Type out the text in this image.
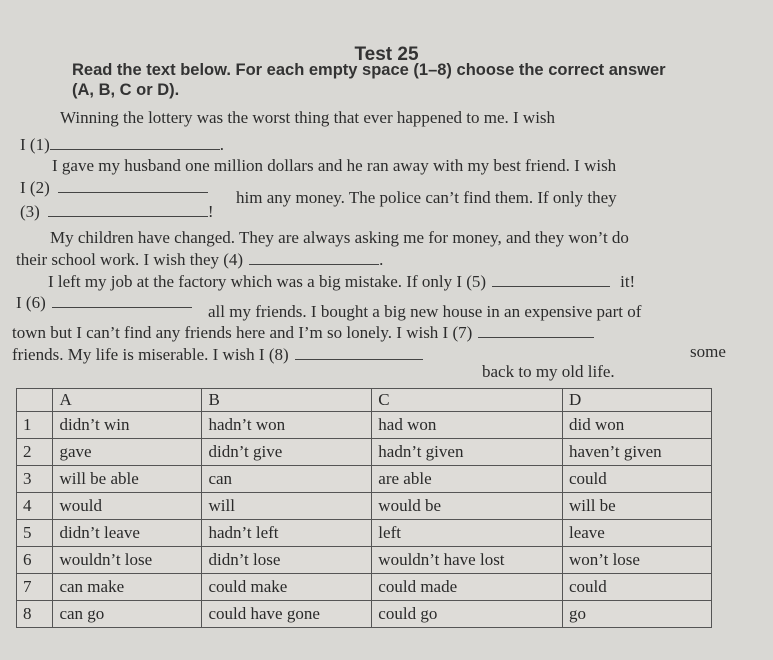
Test 25
Read the text below. For each empty space (1–8) choose the correct answer
(A, B, C or D).
Winning the lottery was the worst thing that ever happened to me. I wish
I (1)	.
I gave my husband one million dollars and he ran away with my best friend. I wish
I (2)
him any money. The police can’t find them. If only they
(3)	!
My children have changed. They are always asking me for money, and they won’t do
their school work. I wish they (4)	.
I left my job at the factory which was a big mistake. If only I (5)	it!
I (6)	all my friends. I bought a big new house in an expensive part of
town but I can’t find any friends here and I’m so lonely. I wish I (7)
some
friends. My life is miserable. I wish I (8)
back to my old life.
	A	B	C	D
1	didn’t win	hadn’t won	had won	did won
2	gave	didn’t give	hadn’t given	haven’t given
3	will be able	can	are able	could
4	would	will	would be	will be
5	didn’t leave	hadn’t left	left	leave
6	wouldn’t lose	didn’t lose	wouldn’t have lost	won’t lose
7	can make	could make	could made	could
8	can go	could have gone	could go	go
